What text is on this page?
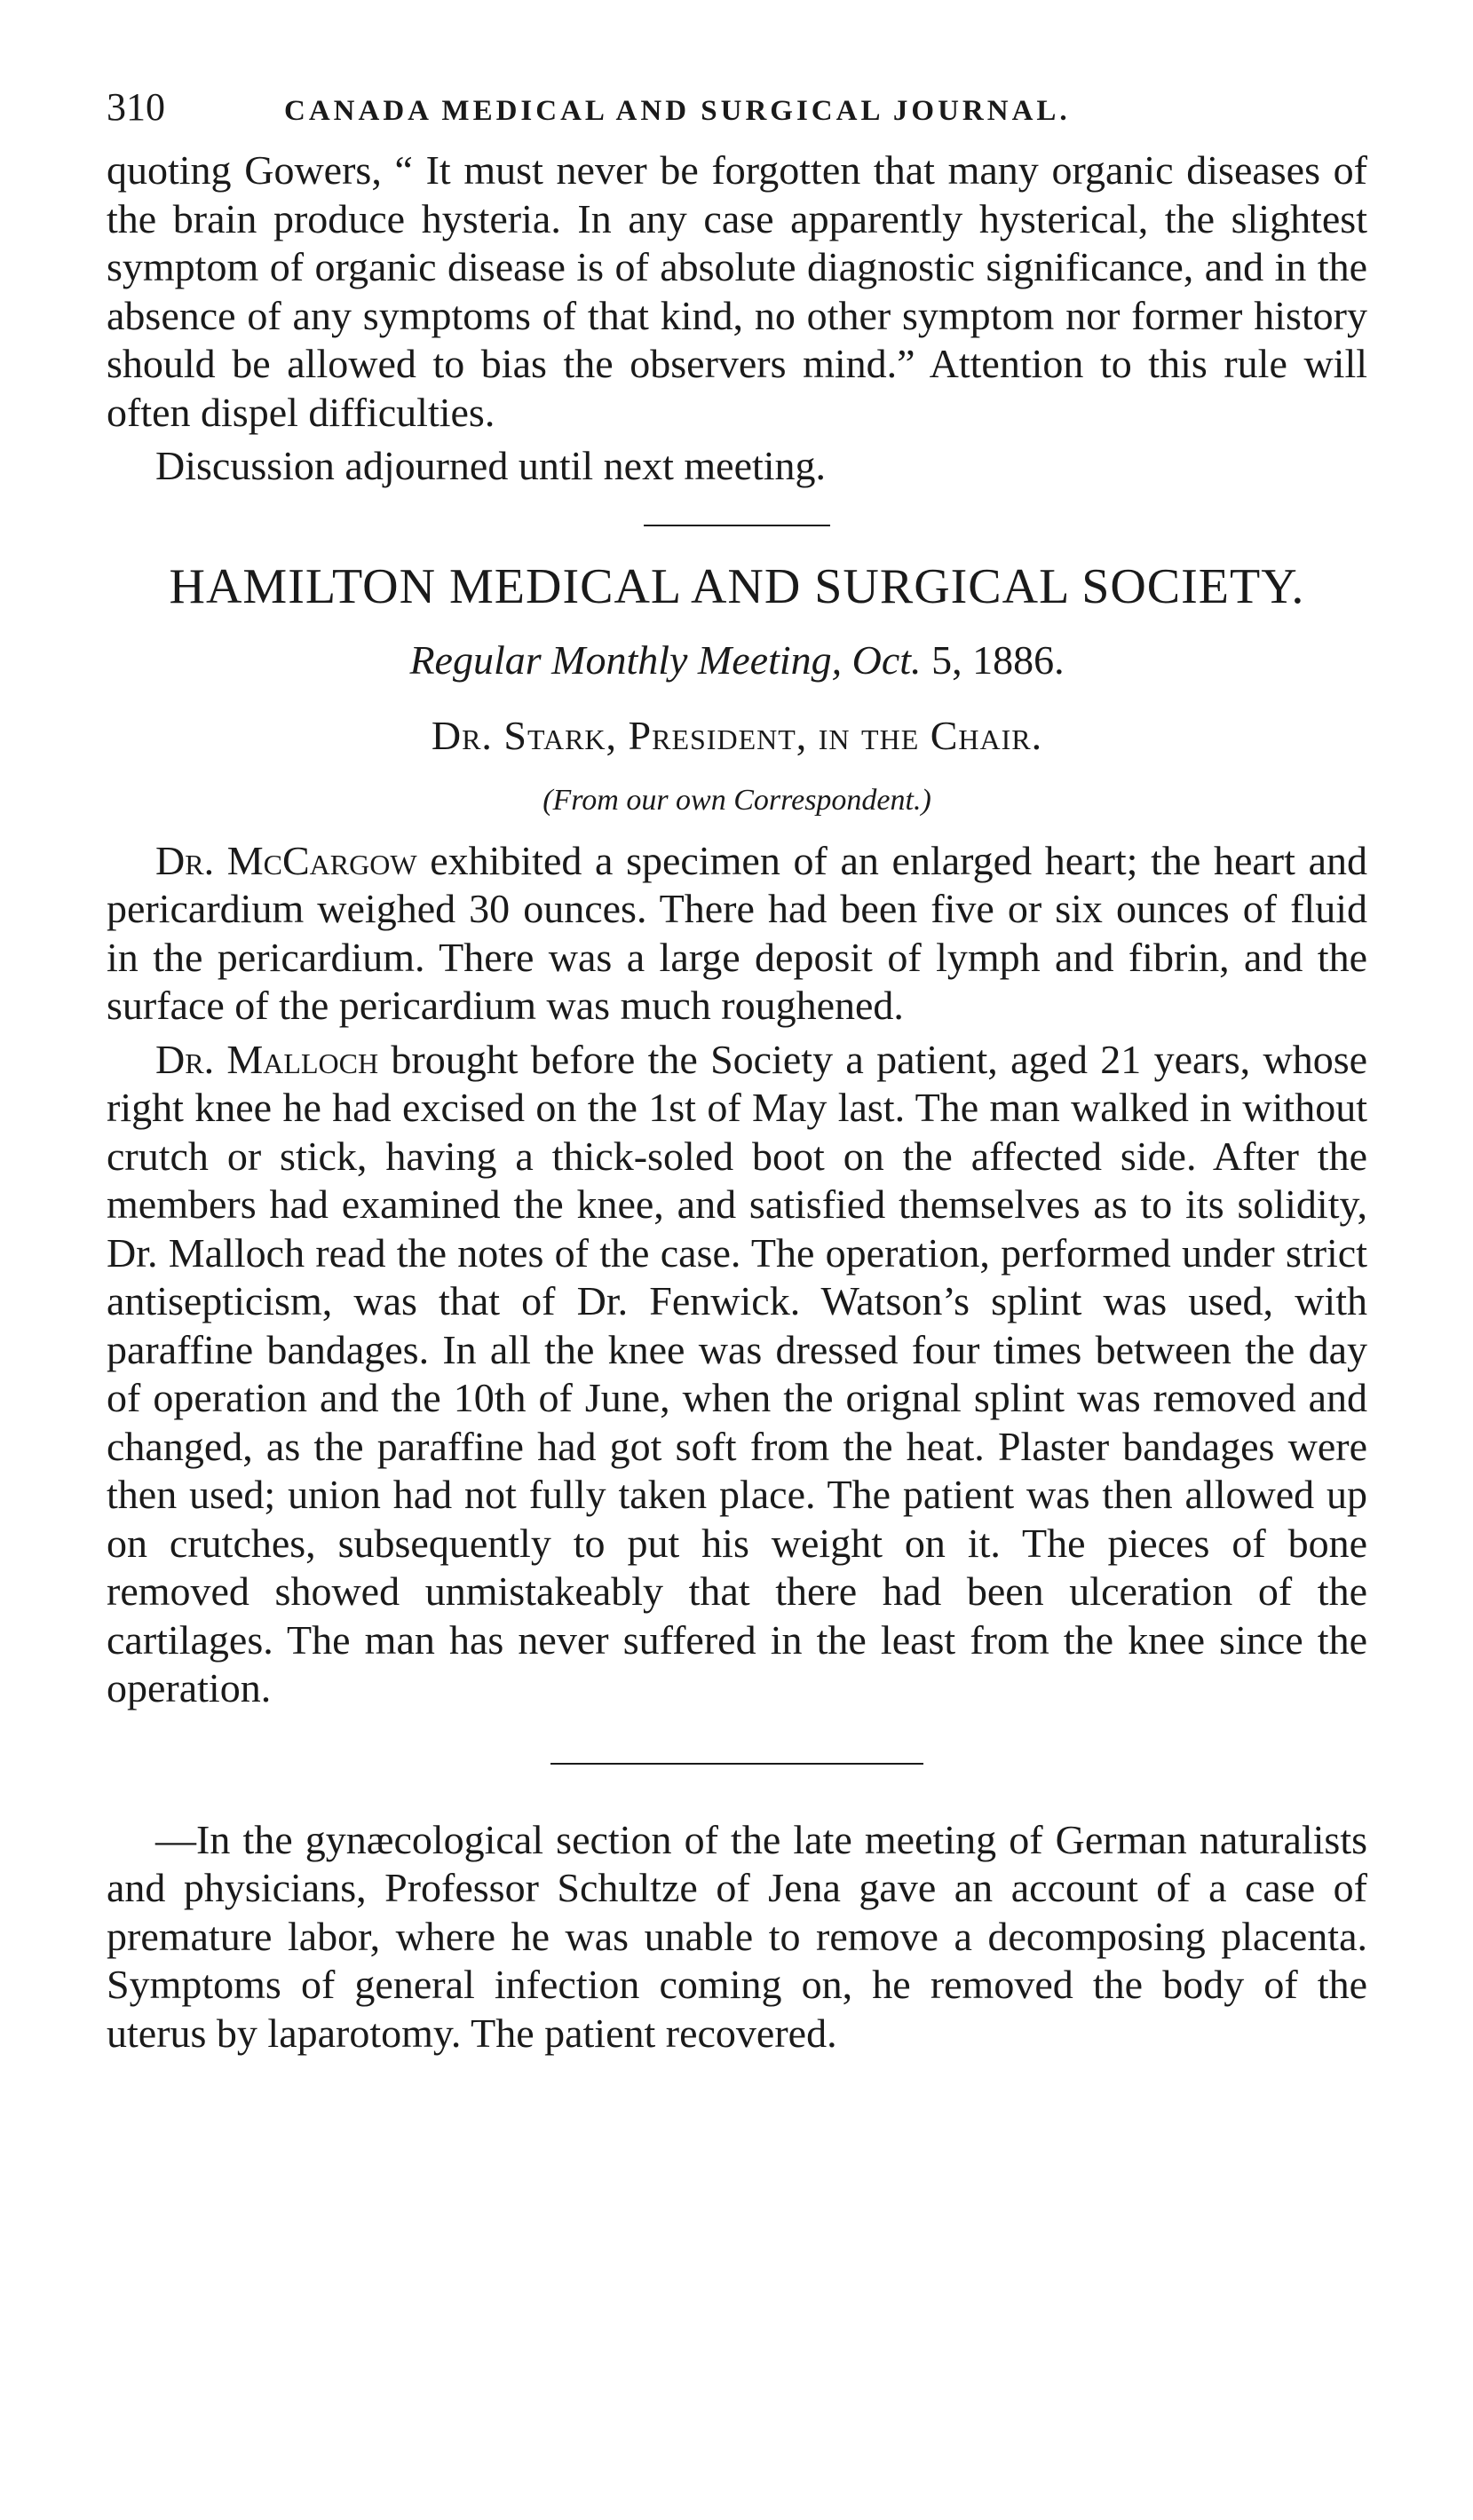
310	CANADA MEDICAL AND SURGICAL JOURNAL.

quoting Gowers, “ It must never be forgotten that many organic diseases of the brain produce hysteria. In any case apparently hysterical, the slightest symptom of organic disease is of absolute diagnostic significance, and in the absence of any symptoms of that kind, no other symptom nor former history should be allowed to bias the observers mind.” Attention to this rule will often dispel difficulties.

Discussion adjourned until next meeting.

HAMILTON MEDICAL AND SURGICAL SOCIETY.
Regular Monthly Meeting, Oct. 5, 1886.
Dr. Stark, President, in the Chair.
(From our own Correspondent.)

Dr. McCargow exhibited a specimen of an enlarged heart; the heart and pericardium weighed 30 ounces. There had been five or six ounces of fluid in the pericardium. There was a large deposit of lymph and fibrin, and the surface of the pericardium was much roughened.

Dr. Malloch brought before the Society a patient, aged 21 years, whose right knee he had excised on the 1st of May last. The man walked in without crutch or stick, having a thick-soled boot on the affected side. After the members had examined the knee, and satisfied themselves as to its solidity, Dr. Malloch read the notes of the case. The operation, performed under strict antisepticism, was that of Dr. Fenwick. Watson’s splint was used, with paraffine bandages. In all the knee was dressed four times between the day of operation and the 10th of June, when the orignal splint was removed and changed, as the paraffine had got soft from the heat. Plaster bandages were then used; union had not fully taken place. The patient was then allowed up on crutches, subsequently to put his weight on it. The pieces of bone removed showed unmistakeably that there had been ulceration of the cartilages. The man has never suffered in the least from the knee since the operation.

—In the gynæcological section of the late meeting of German naturalists and physicians, Professor Schultze of Jena gave an account of a case of premature labor, where he was unable to remove a decomposing placenta. Symptoms of general infection coming on, he removed the body of the uterus by laparotomy. The patient recovered.
